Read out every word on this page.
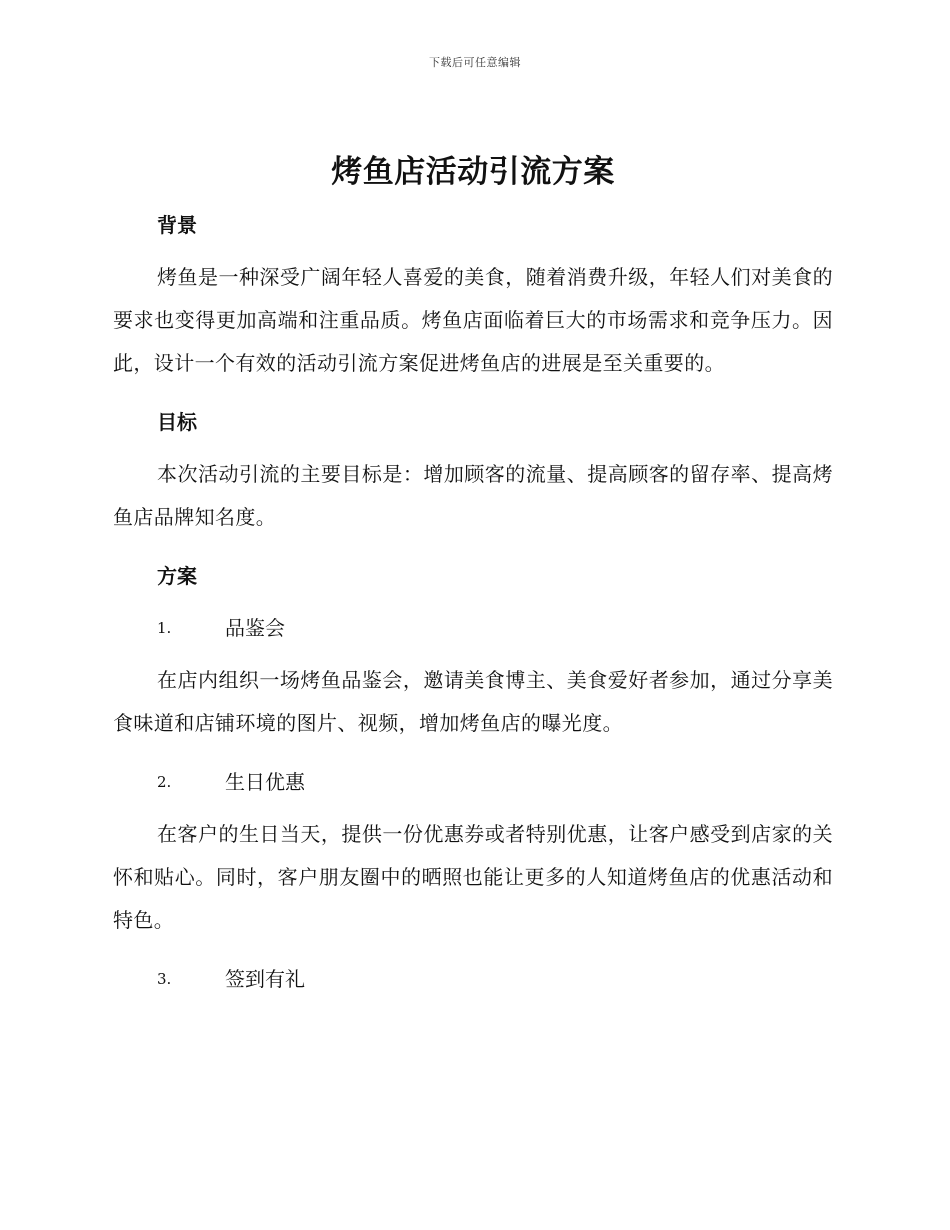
下载后可任意编辑
烤鱼店活动引流方案
背景

烤鱼是一种深受广阔年轻人喜爱的美食，随着消费升级，年轻人们对美食的要求也变得更加高端和注重品质。烤鱼店面临着巨大的市场需求和竞争压力。因此，设计一个有效的活动引流方案促进烤鱼店的进展是至关重要的。

目标

本次活动引流的主要目标是：增加顾客的流量、提高顾客的留存率、提高烤鱼店品牌知名度。

方案
1.	品鉴会

在店内组织一场烤鱼品鉴会，邀请美食博主、美食爱好者参加，通过分享美食味道和店铺环境的图片、视频，增加烤鱼店的曝光度。

2.	生日优惠

在客户的生日当天，提供一份优惠券或者特别优惠，让客户感受到店家的关怀和贴心。同时，客户朋友圈中的晒照也能让更多的人知道烤鱼店的优惠活动和特色。

3.	签到有礼
